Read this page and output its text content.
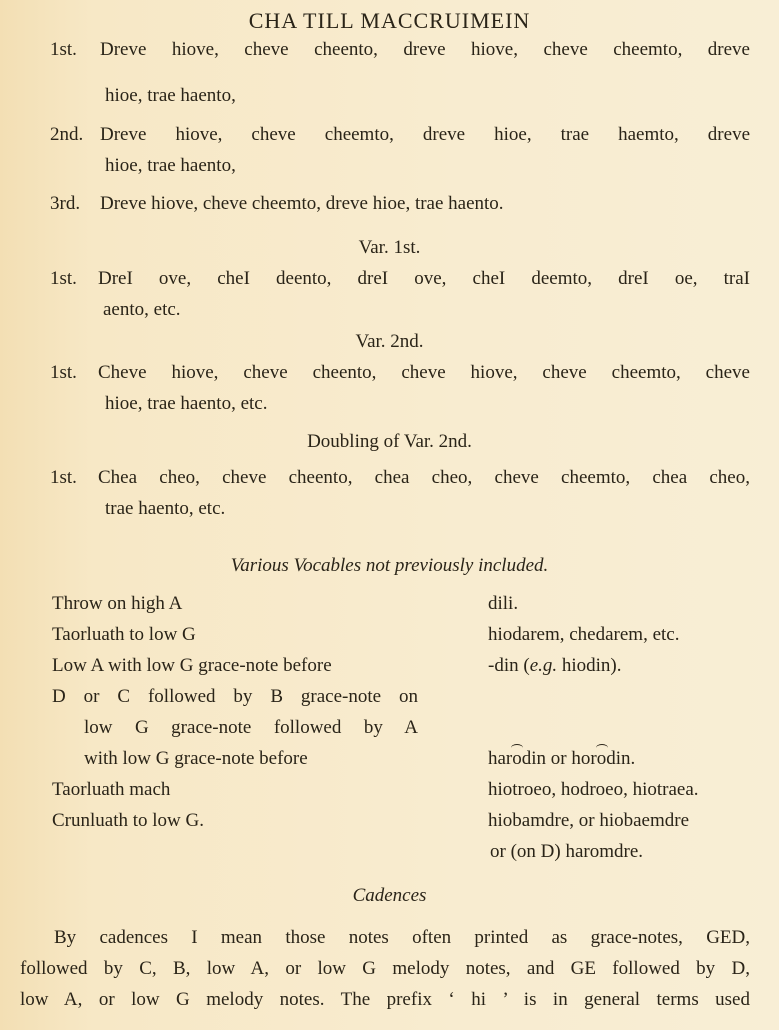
CHA TILL MACCRUIMEIN
1st. Dreve hiove, cheve cheento, dreve hiove, cheve cheemto, dreve
hioe, trae haento,
2nd. Dreve hiove, cheve cheemto, dreve hioe, trae haemto, dreve
hioe, trae haento,
3rd. Dreve hiove, cheve cheemto, dreve hioe, trae haento.
Var. 1st.
1st. DreI ove, cheI deento, dreI ove, cheI deemto, dreI oe, traI
aento, etc.
Var. 2nd.
1st. Cheve hiove, cheve cheento, cheve hiove, cheve cheemto, cheve
hioe, trae haento, etc.
Doubling of Var. 2nd.
1st. Chea cheo, cheve cheento, chea cheo, cheve cheemto, chea cheo,
trae haento, etc.
Various Vocables not previously included.
Throw on high A
Taorluath to low G
Low A with low G grace-note before
D or C followed by B grace-note on
low G grace-note followed by A
with low G grace-note before
Taorluath mach
Crunluath to low G.
dili.
hiodarem, chedarem, etc.
-din (e.g. hiodin).
harodin or horodin.
hiotroeo, hodroeo, hiotraea.
hiobamdre, or hiobaemdre
or (on D) haromdre.
Cadences
By cadences I mean those notes often printed as grace-notes, GED,
followed by C, B, low A, or low G melody notes, and GE followed by D,
low A, or low G melody notes. The prefix ‘ hi ’ is in general terms used
